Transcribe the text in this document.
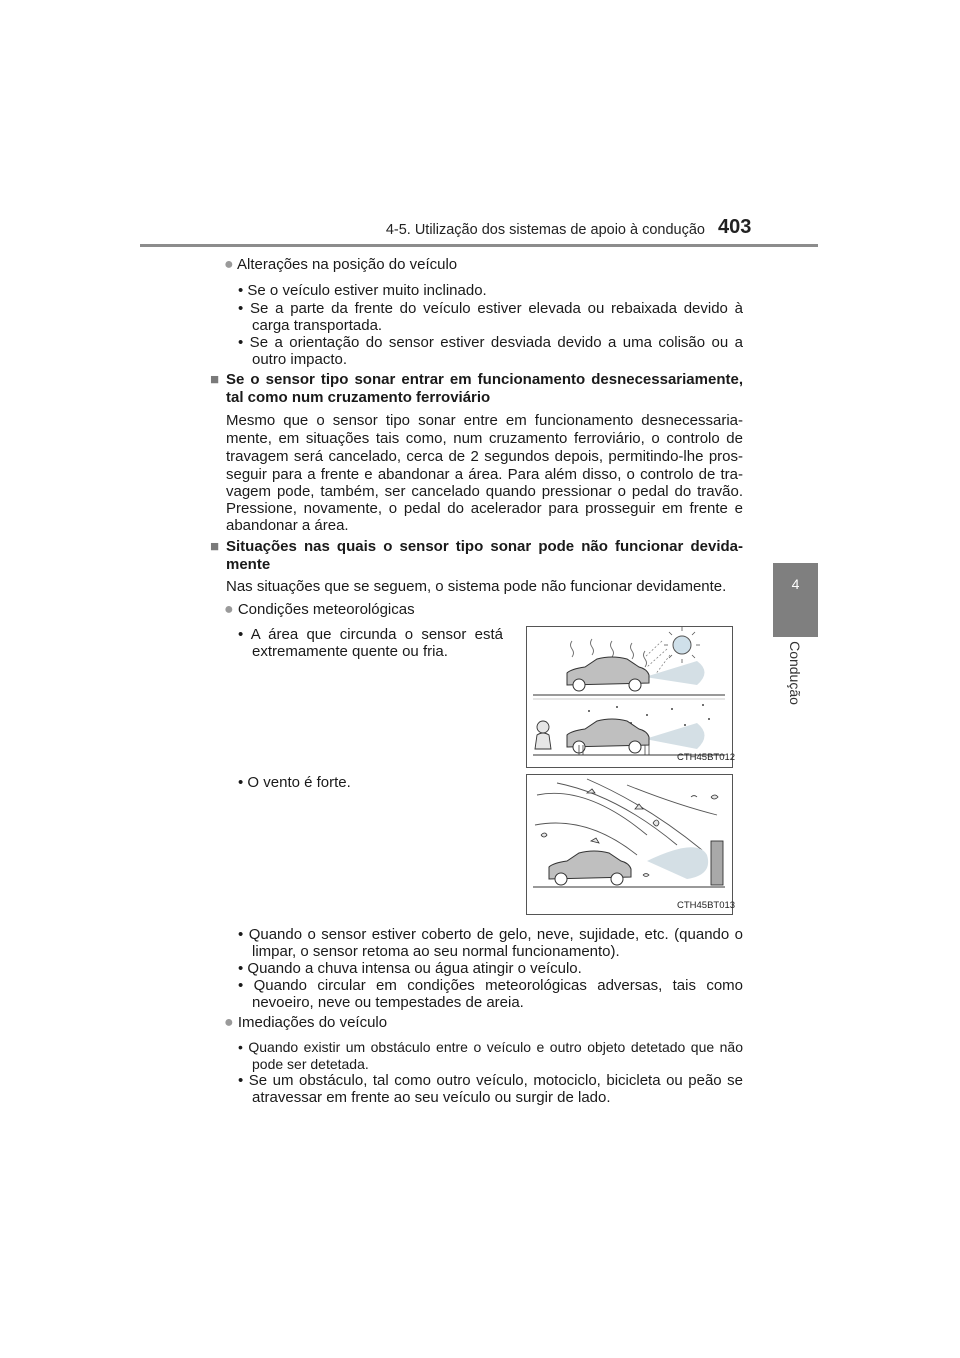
4-5. Utilização dos sistemas de apoio à condução 403
4
Condução
● Alterações na posição do veículo
• Se o veículo estiver muito inclinado.
• Se a parte da frente do veículo estiver elevada ou rebaixada devido à
carga transportada.
• Se a orientação do sensor estiver desviada devido a uma colisão ou a
outro impacto.
■ Se o sensor tipo sonar entrar em funcionamento desnecessariamente,
tal como num cruzamento ferroviário
Mesmo que o sensor tipo sonar entre em funcionamento desnecessaria-
mente, em situações tais como, num cruzamento ferroviário, o controlo de
travagem será cancelado, cerca de 2 segundos depois, permitindo-lhe pros-
seguir para a frente e abandonar a área. Para além disso, o controlo de tra-
vagem pode, também, ser cancelado quando pressionar o pedal do travão.
Pressione, novamente, o pedal do acelerador para prosseguir em frente e
abandonar a área.
■ Situações nas quais o sensor tipo sonar pode não funcionar devida-
mente
Nas situações que se seguem, o sistema pode não funcionar devidamente.
● Condições meteorológicas
• A área que circunda o sensor está
extremamente quente ou fria.
CTH45BT012
• O vento é forte.
CTH45BT013
• Quando o sensor estiver coberto de gelo, neve, sujidade, etc. (quando o
limpar, o sensor retoma ao seu normal funcionamento).
• Quando a chuva intensa ou água atingir o veículo.
• Quando circular em condições meteorológicas adversas, tais como
nevoeiro, neve ou tempestades de areia.
● Imediações do veículo
• Quando existir um obstáculo entre o veículo e outro objeto detetado que não
pode ser detetada.
• Se um obstáculo, tal como outro veículo, motociclo, bicicleta ou peão se
atravessar em frente ao seu veículo ou surgir de lado.
